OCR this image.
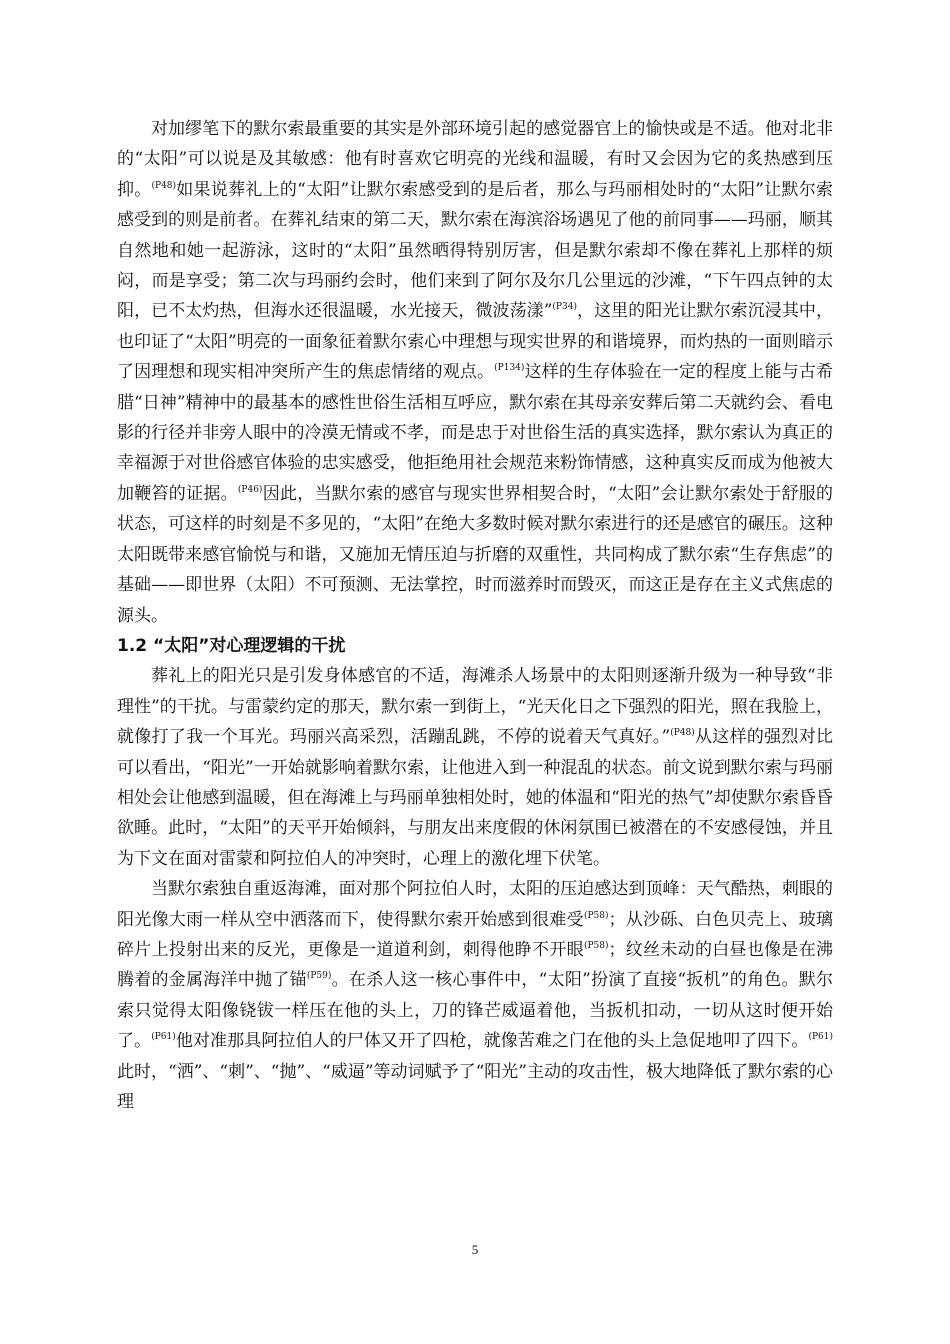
对加缪笔下的默尔索最重要的其实是外部环境引起的感觉器官上的愉快或是不适。他对北非的“太阳”可以说是及其敏感：他有时喜欢它明亮的光线和温暖，有时又会因为它的炙热感到压抑。$^{(P48)}$如果说葬礼上的“太阳”让默尔索感受到的是后者，那么与玛丽相处时的“太阳”让默尔索感受到的则是前者。在葬礼结束的第二天，默尔索在海滨浴场遇见了他的前同事——玛丽，顺其自然地和她一起游泳，这时的“太阳”虽然晒得特别厉害，但是默尔索却不像在葬礼上那样的烦闷，而是享受；第二次与玛丽约会时，他们来到了阿尔及尔几公里远的沙滩，“下午四点钟的太阳，已不太灼热，但海水还很温暖，水光接天，微波荡漾”$^{(P34)}$，这里的阳光让默尔索沉浸其中，也印证了“太阳”明亮的一面象征着默尔索心中理想与现实世界的和谐境界，而灼热的一面则暗示了因理想和现实相冲突所产生的焦虑情绪的观点。$^{(P134)}$这样的生存体验在一定的程度上能与古希腊“日神”精神中的最基本的感性世俗生活相互呼应，默尔索在其母亲安葬后第二天就约会、看电影的行径并非旁人眼中的冷漠无情或不孝，而是忠于对世俗生活的真实选择，默尔索认为真正的幸福源于对世俗感官体验的忠实感受，他拒绝用社会规范来粉饰情感，这种真实反而成为他被大加鞭笞的证据。$^{(P46)}$因此，当默尔索的感官与现实世界相契合时，“太阳”会让默尔索处于舒服的状态，可这样的时刻是不多见的，“太阳”在绝大多数时候对默尔索进行的还是感官的碾压。这种太阳既带来感官愉悦与和谐，又施加无情压迫与折磨的双重性，共同构成了默尔索“生存焦虑”的基础——即世界（太阳）不可预测、无法掌控，时而滋养时而毁灭，而这正是存在主义式焦虑的源头。

1.2 “太阳”对心理逻辑的干扰

葬礼上的阳光只是引发身体感官的不适，海滩杀人场景中的太阳则逐渐升级为一种导致“非理性”的干扰。与雷蒙约定的那天，默尔索一到街上，“光天化日之下强烈的阳光，照在我脸上，就像打了我一个耳光。玛丽兴高采烈，活蹦乱跳，不停的说着天气真好。”$^{(P48)}$从这样的强烈对比可以看出，“阳光”一开始就影响着默尔索，让他进入到一种混乱的状态。前文说到默尔索与玛丽相处会让他感到温暖，但在海滩上与玛丽单独相处时，她的体温和“阳光的热气”却使默尔索昏昏欲睡。此时，“太阳”的天平开始倾斜，与朋友出来度假的休闲氛围已被潜在的不安感侵蚀，并且为下文在面对雷蒙和阿拉伯人的冲突时，心理上的激化埋下伏笔。

当默尔索独自重返海滩，面对那个阿拉伯人时，太阳的压迫感达到顶峰：天气酷热，刺眼的阳光像大雨一样从空中洒落而下，使得默尔索开始感到很难受$^{(P58)}$；从沙砾、白色贝壳上、玻璃碎片上投射出来的反光，更像是一道道利剑，刺得他睁不开眼$^{(P58)}$；纹丝未动的白昼也像是在沸腾着的金属海洋中抛了锚$^{(P59)}$。在杀人这一核心事件中，“太阳”扮演了直接“扳机”的角色。默尔索只觉得太阳像铙钹一样压在他的头上，刀的锋芒威逼着他，当扳机扣动，一切从这时便开始了。$^{(P61)}$他对准那具阿拉伯人的尸体又开了四枪，就像苦难之门在他的头上急促地叩了四下。$^{(P61)}$此时，“洒”、“刺”、“抛”、“威逼”等动词赋予了“阳光”主动的攻击性，极大地降低了默尔索的心理

5
